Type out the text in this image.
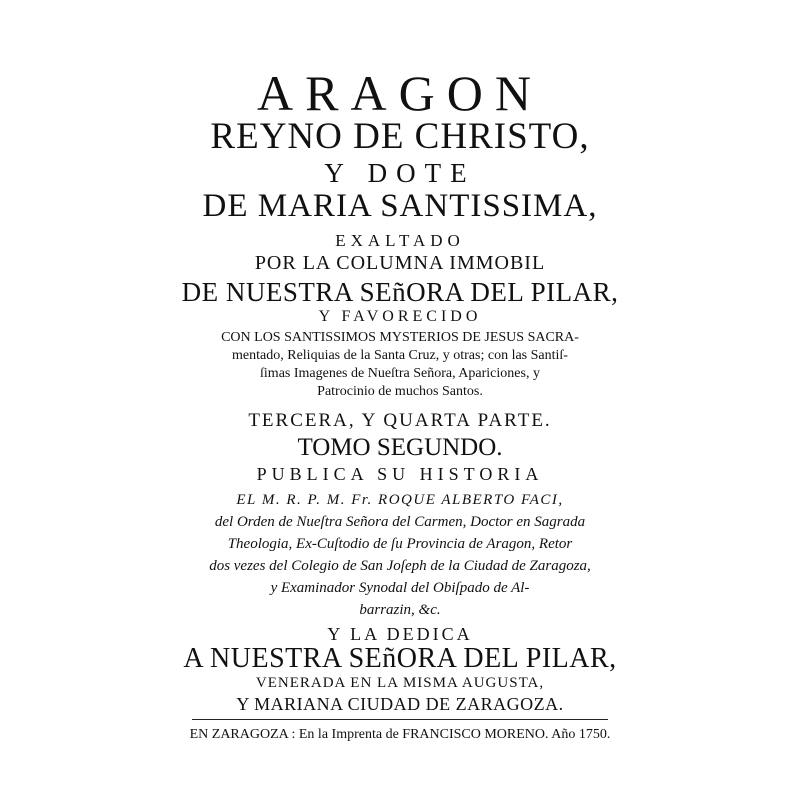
ARAGON
REYNO DE CHRISTO,
Y DOTE
DE MARIA SANTISSIMA,
EXALTADO
POR LA COLUMNA IMMOBIL
DE NUESTRA SEñORA DEL PILAR,
Y FAVORECIDO
CON LOS SANTISSIMOS MYSTERIOS DE JESUS SACRA-
mentado, Reliquias de la Santa Cruz, y otras; con las Santiſ-
ſimas Imagenes de Nueſtra Señora, Apariciones, y
Patrocinio de muchos Santos.
TERCERA, Y QUARTA PARTE.
TOMO SEGUNDO.
PUBLICA SU HISTORIA
EL M. R. P. M. Fr. ROQUE ALBERTO FACI,
del Orden de Nueſtra Señora del Carmen, Doctor en Sagrada
Theologia, Ex-Cuſtodio de ſu Provincia de Aragon, Retor
dos vezes del Colegio de San Joſeph de la Ciudad de Zaragoza,
y Examinador Synodal del Obiſpado de Al-
barrazin, &c.
Y LA DEDICA
A NUESTRA SEñORA DEL PILAR,
VENERADA EN LA MISMA AUGUSTA,
Y MARIANA CIUDAD DE ZARAGOZA.
EN ZARAGOZA : En la Imprenta de FRANCISCO MORENO. Año 1750.
